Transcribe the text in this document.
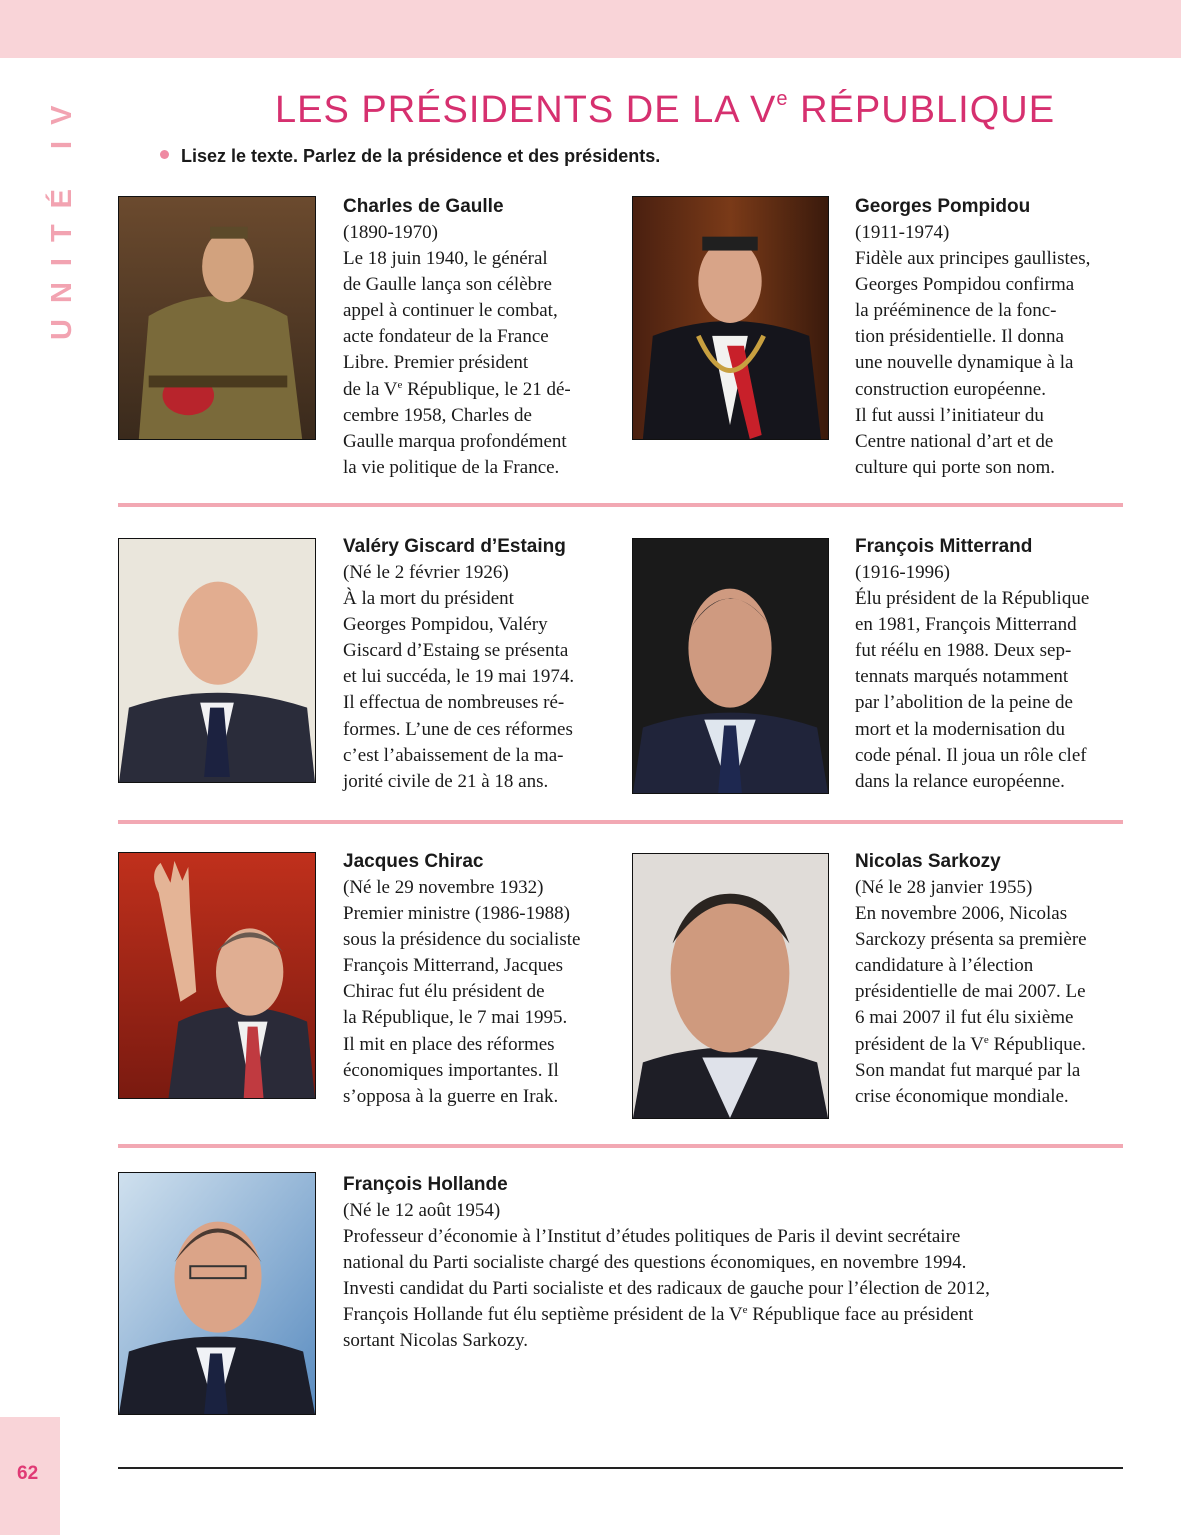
UNITÉ IV
62
LES PRÉSIDENTS DE LA Ve RÉPUBLIQUE
Lisez le texte. Parlez de la présidence et des présidents.
Charles de Gaulle
(1890-1970)
Le 18 juin 1940, le général
de Gaulle lança son célèbre
appel à continuer le combat,
acte fondateur de la France
Libre. Premier président
de la Ve République, le 21 dé-
cembre 1958, Charles de
Gaulle marqua profondément
la vie politique de la France.
Georges Pompidou
(1911-1974)
Fidèle aux principes gaullistes,
Georges Pompidou confirma
la prééminence de la fonc-
tion présidentielle. Il donna
une nouvelle dynamique à la
construction européenne.
Il fut aussi l’initiateur du
Centre national d’art et de
culture qui porte son nom.
Valéry Giscard d’Estaing
(Né le 2 février 1926)
À la mort du président
Georges Pompidou, Valéry
Giscard d’Estaing se présenta
et lui succéda, le 19 mai 1974.
Il effectua de nombreuses ré-
formes. L’une de ces réformes
c’est l’abaissement de la ma-
jorité civile de 21 à 18 ans.
François Mitterrand
(1916-1996)
Élu président de la République
en 1981, François Mitterrand
fut réélu en 1988. Deux sep-
tennats marqués notamment
par l’abolition de la peine de
mort et la modernisation du
code pénal. Il joua un rôle clef
dans la relance européenne.
Jacques Chirac
(Né le 29 novembre 1932)
Premier ministre (1986-1988)
sous la présidence du socialiste
François Mitterrand, Jacques
Chirac fut élu président de
la République, le 7 mai 1995.
Il mit en place des réformes
économiques importantes. Il
s’opposa à la guerre en Irak.
Nicolas Sarkozy
(Né le 28 janvier 1955)
En novembre 2006, Nicolas
Sarckozy présenta sa première
candidature à l’élection
présidentielle de mai 2007. Le
6 mai 2007 il fut élu sixième
président de la Ve République.
Son mandat fut marqué par la
crise économique mondiale.
François Hollande
(Né le 12 août 1954)
Professeur d’économie à l’Institut d’études politiques de Paris il devint secrétaire
national du Parti socialiste chargé des questions économiques, en novembre 1994.
Investi candidat du Parti socialiste et des radicaux de gauche pour l’élection de 2012,
François Hollande fut élu septième président de la Ve République face au président
sortant Nicolas Sarkozy.
